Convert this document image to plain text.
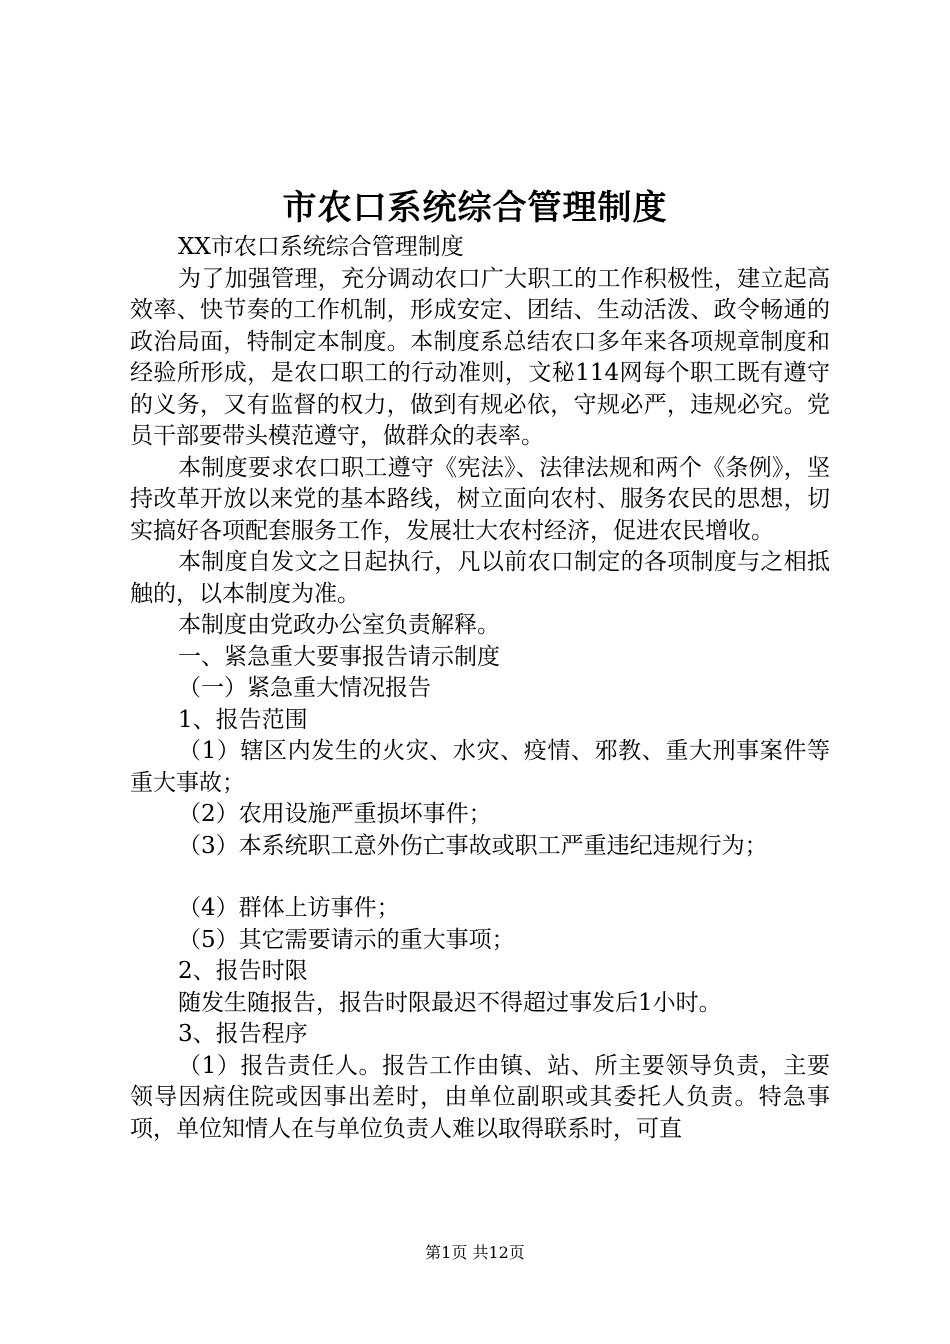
市农口系统综合管理制度

XX市农口系统综合管理制度

为了加强管理，充分调动农口广大职工的工作积极性，建立起高效率、快节奏的工作机制，形成安定、团结、生动活泼、政令畅通的政治局面，特制定本制度。本制度系总结农口多年来各项规章制度和经验所形成，是农口职工的行动准则，文秘114网每个职工既有遵守的义务，又有监督的权力，做到有规必依，守规必严，违规必究。党员干部要带头模范遵守，做群众的表率。

本制度要求农口职工遵守《宪法》、法律法规和两个《条例》，坚持改革开放以来党的基本路线，树立面向农村、服务农民的思想，切实搞好各项配套服务工作，发展壮大农村经济，促进农民增收。

本制度自发文之日起执行，凡以前农口制定的各项制度与之相抵触的，以本制度为准。

本制度由党政办公室负责解释。

一、紧急重大要事报告请示制度

（一）紧急重大情况报告

1、报告范围

（1）辖区内发生的火灾、水灾、疫情、邪教、重大刑事案件等重大事故；

（2）农用设施严重损坏事件；

（3）本系统职工意外伤亡事故或职工严重违纪违规行为；

（4）群体上访事件；

（5）其它需要请示的重大事项；

2、报告时限

随发生随报告，报告时限最迟不得超过事发后1小时。

3、报告程序

（1）报告责任人。报告工作由镇、站、所主要领导负责，主要领导因病住院或因事出差时，由单位副职或其委托人负责。特急事项，单位知情人在与单位负责人难以取得联系时，可直

第1页 共12页
